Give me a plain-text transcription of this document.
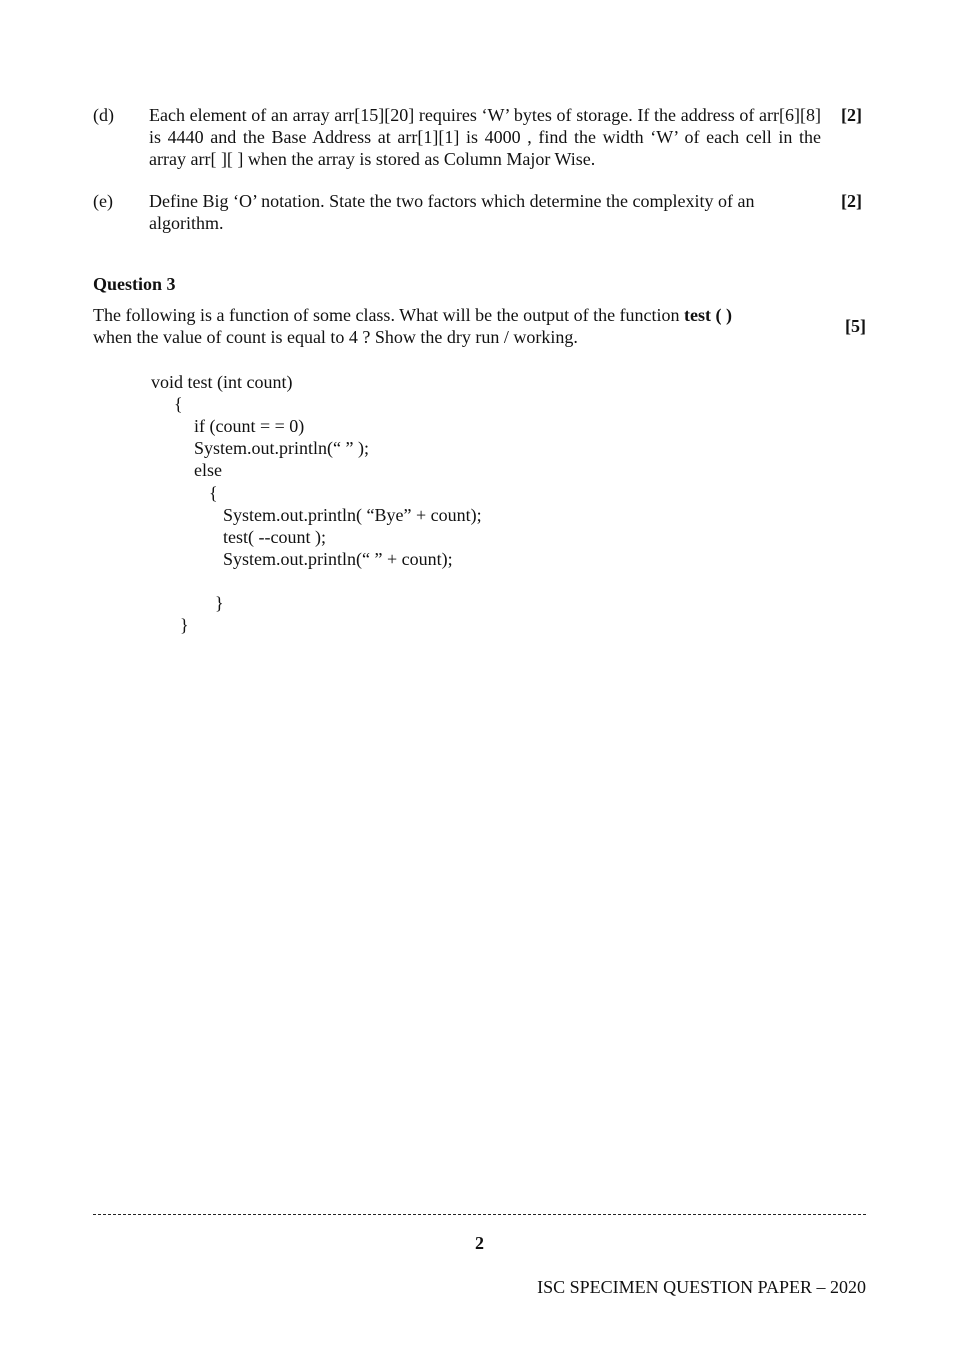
(d) Each element of an array arr[15][20] requires ‘W’ bytes of storage. If the address of arr[6][8] is 4440 and the Base Address at arr[1][1] is 4000 , find the width ‘W’ of each cell in the array arr[ ][ ] when the array is stored as Column Major Wise.
[2]
(e) Define Big ‘O’ notation. State the two factors which determine the complexity of an algorithm.
[2]
Question 3
The following is a function of some class. What will be the output of the function test ( )
when the value of count is equal to 4 ? Show the dry run / working.
[5]
void test (int count)
{
if (count = = 0)
System.out.println(“ ” );
else
{
System.out.println( “Bye” + count);
test( --count );
System.out.println(“ ” + count);
}
}
2
ISC SPECIMEN QUESTION PAPER – 2020
